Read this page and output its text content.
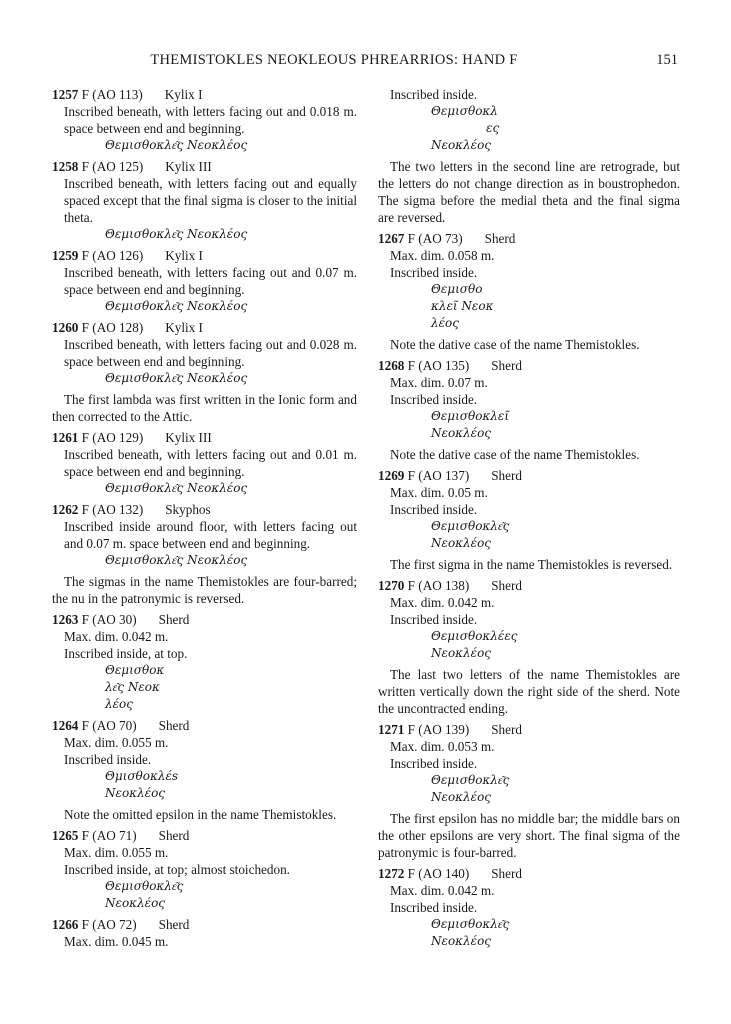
THEMISTOKLES NEOKLEOUS PHREARRIOS: HAND F	151
1257 F (AO 113) Kylix I
Inscribed beneath, with letters facing out and 0.018 m. space between end and beginning.
Θεμισθοκλε͂ς Νεοκλέος
1258 F (AO 125) Kylix III
Inscribed beneath, with letters facing out and equally spaced except that the final sigma is closer to the initial theta.
Θεμισθοκλε͂ς Νεοκλέος
1259 F (AO 126) Kylix I
Inscribed beneath, with letters facing out and 0.07 m. space between end and beginning.
Θεμισθοκλε͂ς Νεοκλέος
1260 F (AO 128) Kylix I
Inscribed beneath, with letters facing out and 0.028 m. space between end and beginning.
Θεμισθοκλε͂ς Νεοκλέος
The first lambda was first written in the Ionic form and then corrected to the Attic.
1261 F (AO 129) Kylix III
Inscribed beneath, with letters facing out and 0.01 m. space between end and beginning.
Θεμισθοκλε͂ς Νεοκλέος
1262 F (AO 132) Skyphos
Inscribed inside around floor, with letters facing out and 0.07 m. space between end and beginning.
Θεμισθοκλε͂ς Νεοκλέος
The sigmas in the name Themistokles are four-barred; the nu in the patronymic is reversed.
1263 F (AO 30) Sherd
Max. dim. 0.042 m.
Inscribed inside, at top.
Θεμισθοκ
λε͂ς Νεοκ
λέος
1264 F (AO 70) Sherd
Max. dim. 0.055 m.
Inscribed inside.
Θμισθοκλέs
Νεοκλέος
Note the omitted epsilon in the name Themistokles.
1265 F (AO 71) Sherd
Max. dim. 0.055 m.
Inscribed inside, at top; almost stoichedon.
Θεμισθοκλε͂ς
Νεοκλέος
1266 F (AO 72) Sherd
Max. dim. 0.045 m.
Inscribed inside.
Θεμισθοκλ
ες
Νεοκλέος
The two letters in the second line are retrograde, but the letters do not change direction as in boustrophedon. The sigma before the medial theta and the final sigma are reversed.
1267 F (AO 73) Sherd
Max. dim. 0.058 m.
Inscribed inside.
Θεμισθο
κλεῖ Νεοκ
λέος
Note the dative case of the name Themistokles.
1268 F (AO 135) Sherd
Max. dim. 0.07 m.
Inscribed inside.
Θεμισθοκλεῖ
Νεοκλέος
Note the dative case of the name Themistokles.
1269 F (AO 137) Sherd
Max. dim. 0.05 m.
Inscribed inside.
Θεμισθοκλε͂ς
Νεοκλέος
The first sigma in the name Themistokles is reversed.
1270 F (AO 138) Sherd
Max. dim. 0.042 m.
Inscribed inside.
Θεμισθοκλέες
Νεοκλέος
The last two letters of the name Themistokles are written vertically down the right side of the sherd. Note the uncontracted ending.
1271 F (AO 139) Sherd
Max. dim. 0.053 m.
Inscribed inside.
Θεμισθοκλε͂ς
Νεοκλέος
The first epsilon has no middle bar; the middle bars on the other epsilons are very short. The final sigma of the patronymic is four-barred.
1272 F (AO 140) Sherd
Max. dim. 0.042 m.
Inscribed inside.
Θεμισθοκλε͂ς
Νεοκλέος
